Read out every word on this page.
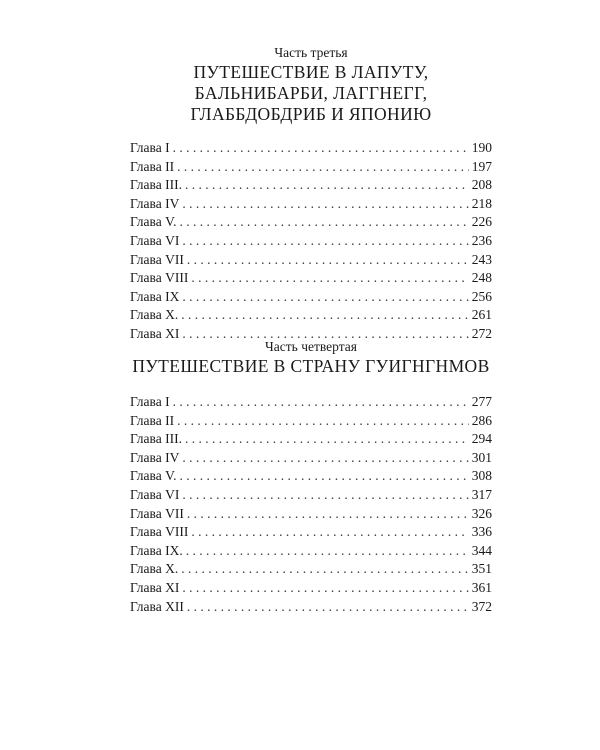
Часть третья

ПУТЕШЕСТВИЕ В ЛАПУТУ,

БАЛЬНИБАРБИ, ЛАГГНЕГГ,

ГЛАББДОБДРИБ И ЯПОНИЮ

Глава I . . .	190
Глава II . . .	197
Глава III. . . .	208
Глава IV . . .	218
Глава V. . . .	226
Глава VI . . .	236
Глава VII . . .	243
Глава VIII . . .	248
Глава IX . . .	256
Глава X. . . .	261
Глава XI . . .	272

Часть четвертая

ПУТЕШЕСТВИЕ В СТРАНУ ГУИГНГНМОВ

Глава I . . .	277
Глава II . . .	286
Глава III. . . .	294
Глава IV . . .	301
Глава V. . . .	308
Глава VI . . .	317
Глава VII . . .	326
Глава VIII . . .	336
Глава IX. . . .	344
Глава X. . . .	351
Глава XI . . .	361
Глава XII . . .	372
